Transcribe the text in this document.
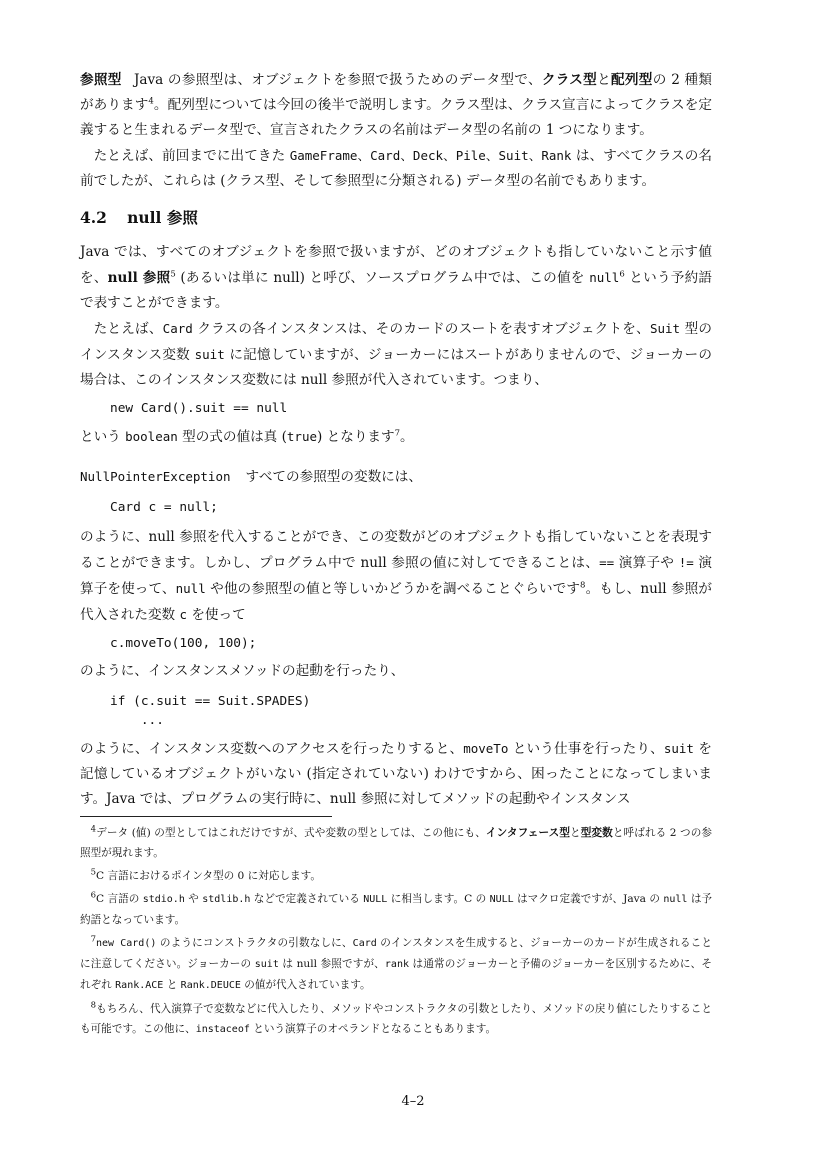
参照型 Java の参照型は、オブジェクトを参照で扱うためのデータ型で、クラス型と配列型の 2 種類があります$^4$。配列型については今回の後半で説明します。クラス型は、クラス宣言によってクラスを定義すると生まれるデータ型で、宣言されたクラスの名前はデータ型の名前の 1 つになります。

たとえば、前回までに出てきた GameFrame、Card、Deck、Pile、Suit、Rank は、すべてクラスの名前でしたが、これらは (クラス型、そして参照型に分類される) データ型の名前でもあります。

4.2 null 参照

Java では、すべてのオブジェクトを参照で扱いますが、どのオブジェクトも指していないこと示す値を、null 参照$^5$ (あるいは単に null) と呼び、ソースプログラム中では、この値を null$^6$ という予約語で表すことができます。

たとえば、Card クラスの各インスタンスは、そのカードのスートを表すオブジェクトを、Suit 型のインスタンス変数 suit に記憶していますが、ジョーカーにはスートがありませんので、ジョーカーの場合は、このインスタンス変数には null 参照が代入されています。つまり、

new Card().suit == null

という boolean 型の式の値は真 (true) となります$^7$。

NullPointerException すべての参照型の変数には、

Card c = null;

のように、null 参照を代入することができ、この変数がどのオブジェクトも指していないことを表現することができます。しかし、プログラム中で null 参照の値に対してできることは、== 演算子や != 演算子を使って、null や他の参照型の値と等しいかどうかを調べることぐらいです$^8$。もし、null 参照が代入された変数 c を使って

c.moveTo(100, 100);

のように、インスタンスメソッドの起動を行ったり、

if (c.suit == Suit.SPADES)
...

のように、インスタンス変数へのアクセスを行ったりすると、moveTo という仕事を行ったり、suit を記憶しているオブジェクトがいない (指定されていない) わけですから、困ったことになってしまいます。Java では、プログラムの実行時に、null 参照に対してメソッドの起動やインスタンス

$^4$データ (値) の型としてはこれだけですが、式や変数の型としては、この他にも、インタフェース型と型変数と呼ばれる 2 つの参照型が現れます。

$^5$C 言語におけるポインタ型の 0 に対応します。

$^6$C 言語の stdio.h や stdlib.h などで定義されている NULL に相当します。C の NULL はマクロ定義ですが、Java の null は予約語となっています。

$^7$new Card() のようにコンストラクタの引数なしに、Card のインスタンスを生成すると、ジョーカーのカードが生成されることに注意してください。ジョーカーの suit は null 参照ですが、rank は通常のジョーカーと予備のジョーカーを区別するために、それぞれ Rank.ACE と Rank.DEUCE の値が代入されています。

$^8$もちろん、代入演算子で変数などに代入したり、メソッドやコンストラクタの引数としたり、メソッドの戻り値にしたりすることも可能です。この他に、instaceof という演算子のオペランドとなることもあります。

4–2
